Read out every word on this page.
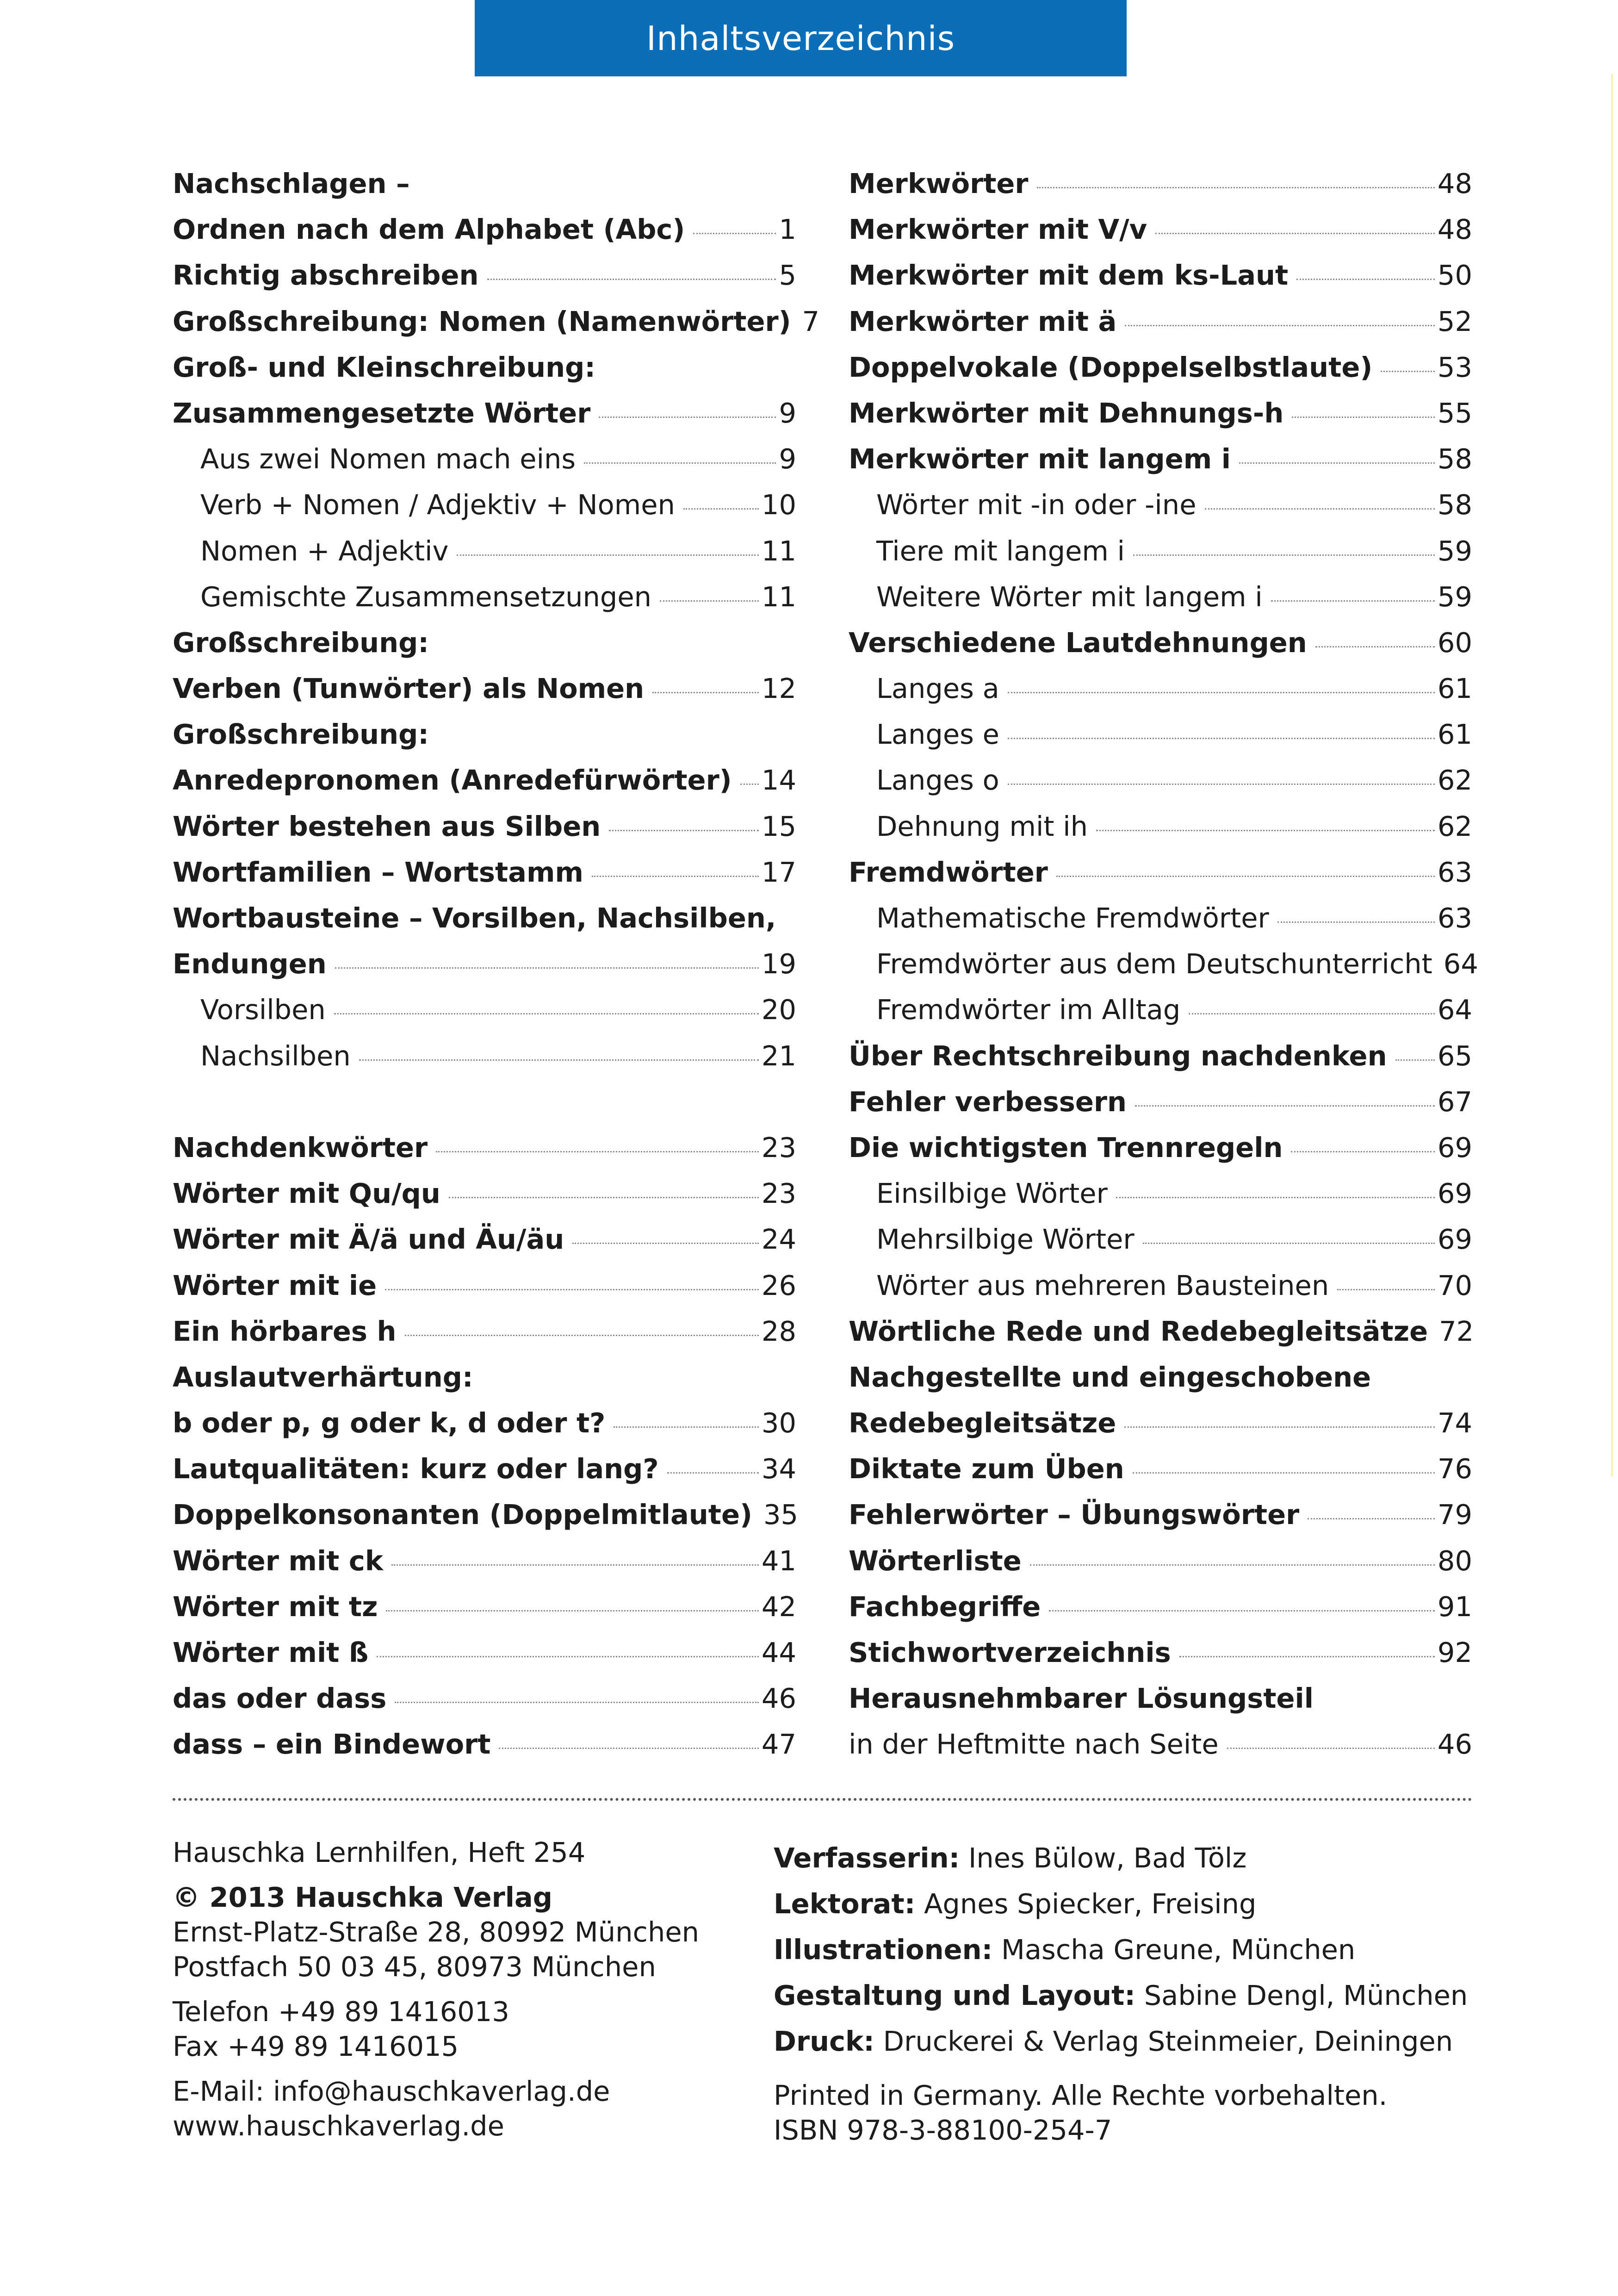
Inhaltsverzeichnis
Nachschlagen –
Ordnen nach dem Alphabet (Abc)	1
Richtig abschreiben	5
Großschreibung: Nomen (Namenwörter) 7
Groß- und Kleinschreibung:
Zusammengesetzte Wörter	9
Aus zwei Nomen mach eins	9
Verb + Nomen / Adjektiv + Nomen	10
Nomen + Adjektiv	11
Gemischte Zusammensetzungen	11
Großschreibung:
Verben (Tunwörter) als Nomen	12
Großschreibung:
Anredepronomen (Anredefürwörter) 14
Wörter bestehen aus Silben	15
Wortfamilien – Wortstamm	17
Wortbausteine – Vorsilben, Nachsilben,
Endungen	19
Vorsilben	20
Nachsilben	21
Nachdenkwörter	23
Wörter mit Qu/qu	23
Wörter mit Ä/ä und Äu/äu	24
Wörter mit ie	26
Ein hörbares h	28
Auslautverhärtung:
b oder p, g oder k, d oder t?	30
Lautqualitäten: kurz oder lang?	34
Doppelkonsonanten (Doppelmitlaute) 35
Wörter mit ck	41
Wörter mit tz	42
Wörter mit ß	44
das oder dass	46
dass – ein Bindewort	47
Merkwörter	48
Merkwörter mit V/v	48
Merkwörter mit dem ks-Laut	50
Merkwörter mit ä	52
Doppelvokale (Doppelselbstlaute) 53
Merkwörter mit Dehnungs-h	55
Merkwörter mit langem i	58
Wörter mit -in oder -ine	58
Tiere mit langem i	59
Weitere Wörter mit langem i	59
Verschiedene Lautdehnungen	60
Langes a	61
Langes e	61
Langes o	62
Dehnung mit ih	62
Fremdwörter	63
Mathematische Fremdwörter	63
Fremdwörter aus dem Deutschunterricht 64
Fremdwörter im Alltag	64
Über Rechtschreibung nachdenken 65
Fehler verbessern	67
Die wichtigsten Trennregeln	69
Einsilbige Wörter	69
Mehrsilbige Wörter	69
Wörter aus mehreren Bausteinen	70
Wörtliche Rede und Redebegleitsätze 72
Nachgestellte und eingeschobene
Redebegleitsätze	74
Diktate zum Üben	76
Fehlerwörter – Übungswörter	79
Wörterliste	80
Fachbegriffe	91
Stichwortverzeichnis	92
Herausnehmbarer Lösungsteil
in der Heftmitte nach Seite	46
Hauschka Lernhilfen, Heft 254
© 2013 Hauschka Verlag
Ernst-Platz-Straße 28, 80992 München
Postfach 50 03 45, 80973 München
Telefon +49 89 1416013
Fax +49 89 1416015
E-Mail: info@hauschkaverlag.de
www.hauschkaverlag.de
Verfasserin: Ines Bülow, Bad Tölz
Lektorat: Agnes Spiecker, Freising
Illustrationen: Mascha Greune, München
Gestaltung und Layout: Sabine Dengl, München
Druck: Druckerei & Verlag Steinmeier, Deiningen
Printed in Germany. Alle Rechte vorbehalten.
ISBN 978-3-88100-254-7
